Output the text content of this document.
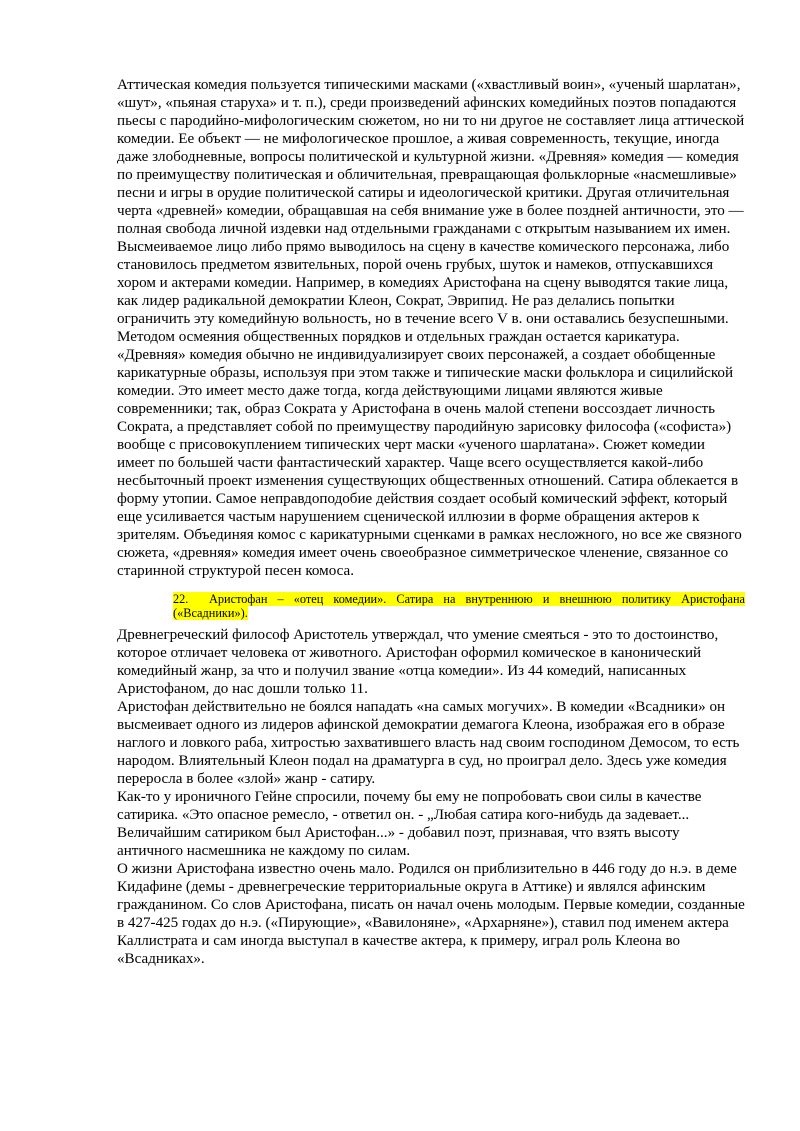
Аттическая комедия пользуется типическими масками («хвастливый воин», «ученый шарлатан», «шут», «пьяная старуха» и т. п.), среди произведений афинских комедийных поэтов попадаются пьесы с пародийно-мифологическим сюжетом, но ни то ни другое не составляет лица аттической комедии. Ее объект — не мифологическое прошлое, а живая современность, текущие, иногда даже злободневные, вопросы политической и культурной жизни. «Древняя» комедия — комедия по преимуществу политическая и обличительная, превращающая фольклорные «насмешливые» песни и игры в орудие политической сатиры и идеологической критики. Другая отличительная черта «древней» комедии, обращавшая на себя внимание уже в более поздней античности, это — полная свобода личной издевки над отдельными гражданами с открытым называнием их имен. Высмеиваемое лицо либо прямо выводилось на сцену в качестве комического персонажа, либо становилось предметом язвительных, порой очень грубых, шуток и намеков, отпускавшихся хором и актерами комедии. Например, в комедиях Аристофана на сцену выводятся такие лица, как лидер радикальной демократии Клеон, Сократ, Эврипид. Не раз делались попытки ограничить эту комедийную вольность, но в течение всего V в. они оставались безуспешными. Методом осмеяния общественных порядков и отдельных граждан остается карикатура. «Древняя» комедия обычно не индивидуализирует своих персонажей, а создает обобщенные карикатурные образы, используя при этом также и типические маски фольклора и сицилийской комедии. Это имеет место даже тогда, когда действующими лицами являются живые современники; так, образ Сократа у Аристофана в очень малой степени воссоздает личность Сократа, а представляет собой по преимуществу пародийную зарисовку философа («софиста») вообще с присовокуплением типических черт маски «ученого шарлатана». Сюжет комедии имеет по большей части фантастический характер. Чаще всего осуществляется какой-либо несбыточный проект изменения существующих общественных отношений. Сатира облекается в форму утопии. Самое неправдоподобие действия создает особый комический эффект, который еще усиливается частым нарушением сценической иллюзии в форме обращения актеров к зрителям. Объединяя комос с карикатурными сценками в рамках несложного, но все же связного сюжета, «древняя» комедия имеет очень своеобразное симметрическое членение, связанное со старинной структурой песен комоса.

22. Аристофан – «отец комедии». Сатира на внутреннюю и внешнюю политику Аристофана («Всадники»).

Древнегреческий философ Аристотель утверждал, что умение смеяться - это то достоинство, которое отличает человека от животного. Аристофан оформил комическое в канонический комедийный жанр, за что и получил звание «отца комедии». Из 44 комедий, написанных Аристофаном, до нас дошли только 11.

Аристофан действительно не боялся нападать «на самых могучих». В комедии «Всадники» он высмеивает одного из лидеров афинской демократии демагога Клеона, изображая его в образе наглого и ловкого раба, хитростью захватившего власть над своим господином Демосом, то есть народом. Влиятельный Клеон подал на драматурга в суд, но проиграл дело. Здесь уже комедия переросла в более «злой» жанр - сатиру.

Как-то у ироничного Гейне спросили, почему бы ему не попробовать свои силы в качестве сатирика. «Это опасное ремесло, - ответил он. - „Любая сатира кого-нибудь да задевает... Величайшим сатириком был Аристофан...» - добавил поэт, признавая, что взять высоту античного насмешника не каждому по силам.

О жизни Аристофана известно очень мало. Родился он приблизительно в 446 году до н.э. в деме Кидафине (демы - древнегреческие территориальные округа в Аттике) и являлся афинским гражданином. Со слов Аристофана, писать он начал очень молодым. Первые комедии, созданные в 427-425 годах до н.э. («Пирующие», «Вавилоняне», «Архарняне»), ставил под именем актера Каллистрата и сам иногда выступал в качестве актера, к примеру, играл роль Клеона во «Всадниках».
